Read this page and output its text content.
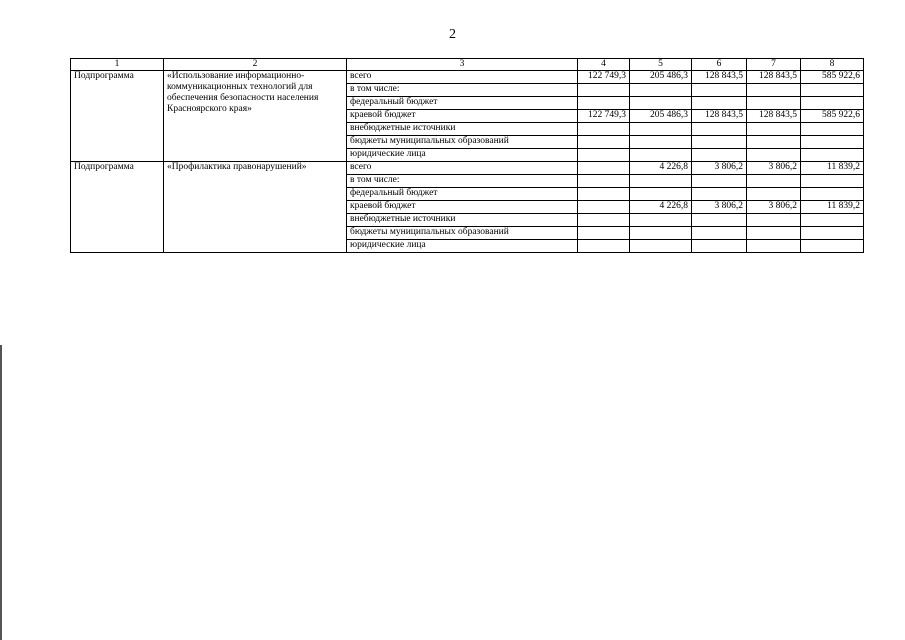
2
1	2	3	4	5	6	7	8
Подпрограмма	«Использование информационно-коммуникационных технологий для обеспечения безопасности населения Красноярского края»	всего	122 749,3	205 486,3	128 843,5	128 843,5	585 922,6
		в том числе:					
		федеральный бюджет					
		краевой бюджет	122 749,3	205 486,3	128 843,5	128 843,5	585 922,6
		внебюджетные источники					
		бюджеты муниципальных образований					
		юридические лица					
Подпрограмма	«Профилактика правонарушений»	всего		4 226,8	3 806,2	3 806,2	11 839,2
		в том числе:					
		федеральный бюджет					
		краевой бюджет		4 226,8	3 806,2	3 806,2	11 839,2
		внебюджетные источники					
		бюджеты муниципальных образований					
		юридические лица					
